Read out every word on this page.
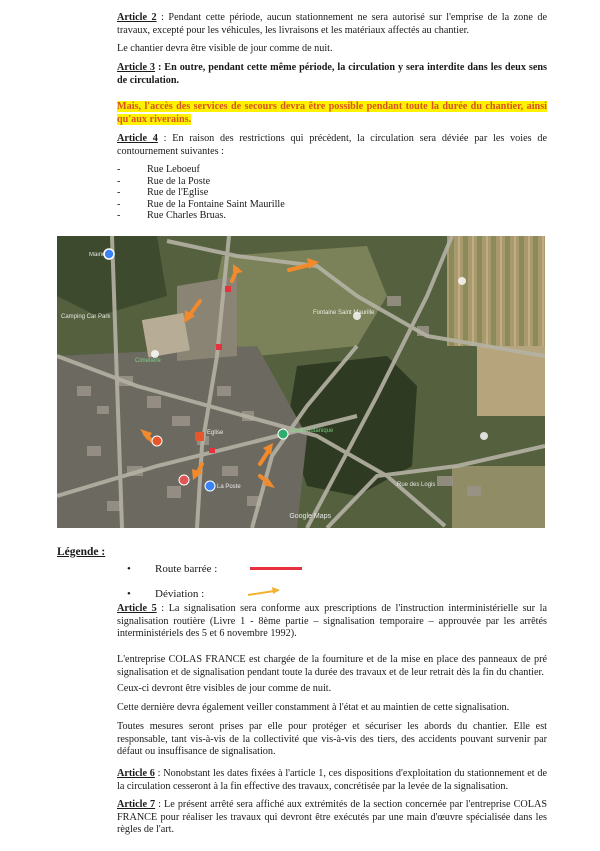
Article 2 : Pendant cette période, aucun stationnement ne sera autorisé sur l'emprise de la zone de travaux, excepté pour les véhicules, les livraisons et les matériaux affectés au chantier.

Le chantier devra être visible de jour comme de nuit.

Article 3 : En outre, pendant cette même période, la circulation y sera interdite dans les deux sens de circulation.

Mais, l'accès des services de secours devra être possible pendant toute la durée du chantier, ainsi qu'aux riverains.

Article 4 : En raison des restrictions qui précèdent, la circulation sera déviée par les voies de contournement suivantes :

-	Rue Leboeuf
-	Rue de la Poste
-	Rue de l'Eglise
-	Rue de la Fontaine Saint Maurille
-	Rue Charles Bruas.
Mairie
Camping Car Park
Cimetière
Fontaine Saint Maurille
Jardin botanique
Eglise
La Poste	Rue des Logis
Google Maps
Légende :
• Route barrée :
• Déviation :

Article 5 : La signalisation sera conforme aux prescriptions de l'instruction interministérielle sur la signalisation routière (Livre 1 - 8ème partie – signalisation temporaire – approuvée par les arrêtés interministériels des 5 et 6 novembre 1992).

L'entreprise COLAS FRANCE est chargée de la fourniture et de la mise en place des panneaux de pré signalisation et de signalisation pendant toute la durée des travaux et de leur retrait dès la fin du chantier.

Ceux-ci devront être visibles de jour comme de nuit.

Cette dernière devra également veiller constamment à l'état et au maintien de cette signalisation.

Toutes mesures seront prises par elle pour protéger et sécuriser les abords du chantier. Elle est responsable, tant vis-à-vis de la collectivité que vis-à-vis des tiers, des accidents pouvant survenir par défaut ou insuffisance de signalisation.

Article 6 : Nonobstant les dates fixées à l'article 1, ces dispositions d'exploitation du stationnement et de la circulation cesseront à la fin effective des travaux, concrétisée par la levée de la signalisation.

Article 7 : Le présent arrêté sera affiché aux extrémités de la section concernée par l'entreprise COLAS FRANCE pour réaliser les travaux qui devront être exécutés par une main d'œuvre spécialisée dans les règles de l'art.
